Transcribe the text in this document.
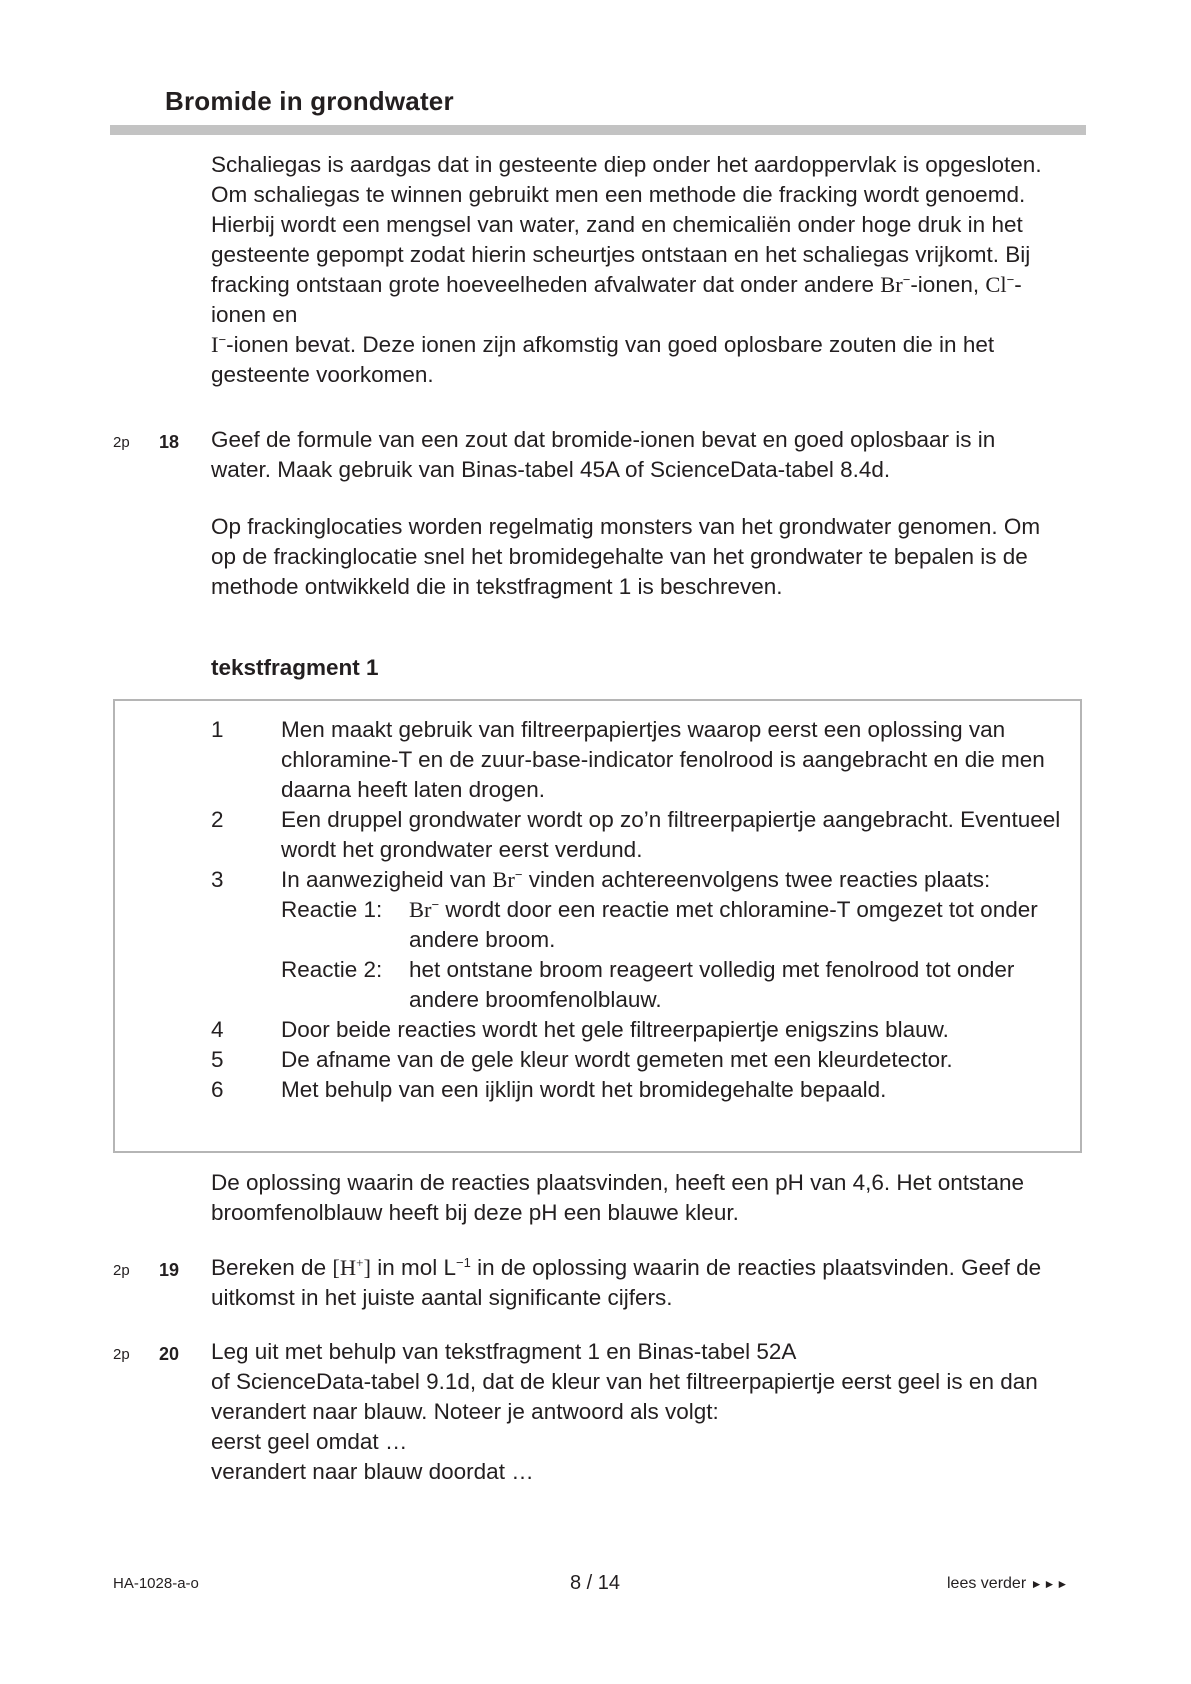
Bromide in grondwater

Schaliegas is aardgas dat in gesteente diep onder het aardoppervlak is opgesloten. Om schaliegas te winnen gebruikt men een methode die fracking wordt genoemd. Hierbij wordt een mengsel van water, zand en chemicaliën onder hoge druk in het gesteente gepompt zodat hierin scheurtjes ontstaan en het schaliegas vrijkomt. Bij fracking ontstaan grote hoeveelheden afvalwater dat onder andere Br−-ionen, Cl−-ionen en
I−-ionen bevat. Deze ionen zijn afkomstig van goed oplosbare zouten die in het gesteente voorkomen.

2p 18 Geef de formule van een zout dat bromide-ionen bevat en goed oplosbaar is in water. Maak gebruik van Binas-tabel 45A of ScienceData-tabel 8.4d.
Op frackinglocaties worden regelmatig monsters van het grondwater genomen. Om op de frackinglocatie snel het bromidegehalte van het grondwater te bepalen is de methode ontwikkeld die in tekstfragment 1 is beschreven.
tekstfragment 1
1	Men maakt gebruik van filtreerpapiertjes waarop eerst een oplossing van chloramine-T en de zuur-base-indicator fenolrood is aangebracht en die men daarna heeft laten drogen.
2	Een druppel grondwater wordt op zo’n filtreerpapiertje aangebracht. Eventueel wordt het grondwater eerst verdund.
3	In aanwezigheid van Br− vinden achtereenvolgens twee reacties plaats:
Reactie 1:	Br− wordt door een reactie met chloramine-T omgezet tot onder andere broom.
Reactie 2:	het ontstane broom reageert volledig met fenolrood tot onder andere broomfenolblauw.
4	Door beide reacties wordt het gele filtreerpapiertje enigszins blauw.
5	De afname van de gele kleur wordt gemeten met een kleurdetector.
6	Met behulp van een ijklijn wordt het bromidegehalte bepaald.
De oplossing waarin de reacties plaatsvinden, heeft een pH van 4,6. Het ontstane broomfenolblauw heeft bij deze pH een blauwe kleur.
2p 19 Bereken de [H+] in mol $L^{-1}$ in de oplossing waarin de reacties plaatsvinden. Geef de uitkomst in het juiste aantal significante cijfers.
2p 20 Leg uit met behulp van tekstfragment 1 en Binas-tabel 52A
of ScienceData-tabel 9.1d, dat de kleur van het filtreerpapiertje eerst geel is en dan verandert naar blauw. Noteer je antwoord als volgt:
eerst geel omdat …
verandert naar blauw doordat …
HA-1028-a-o	8 / 14	lees verder ►►►
